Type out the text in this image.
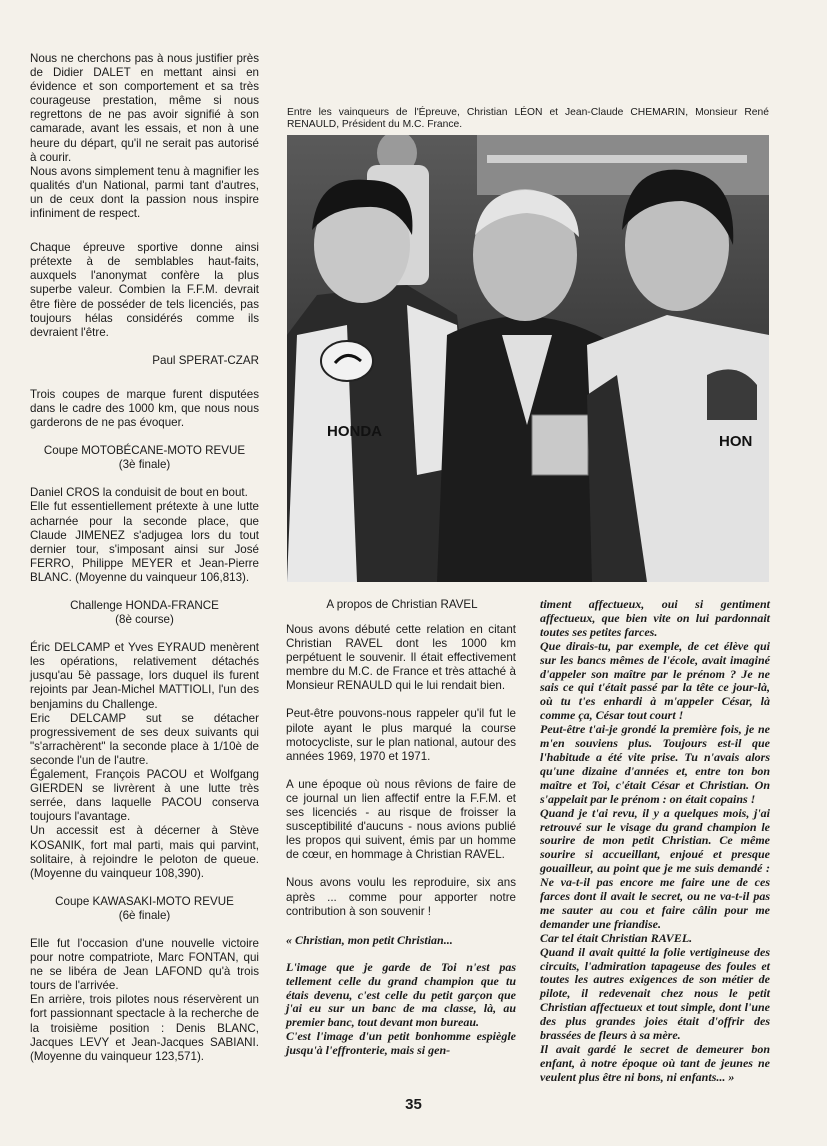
Nous ne cherchons pas à nous justifier près de Didier DALET en mettant ainsi en évidence et son comportement et sa très courageuse prestation, même si nous regrettons de ne pas avoir signifié à son camarade, avant les essais, et non à une heure du départ, qu'il ne serait pas autorisé à courir.

Nous avons simplement tenu à magnifier les qualités d'un National, parmi tant d'autres, un de ceux dont la passion nous inspire infiniment de respect.

Chaque épreuve sportive donne ainsi prétexte à de semblables haut-faits, auxquels l'anonymat confère la plus superbe valeur. Combien la F.F.M. devrait être fière de posséder de tels licenciés, pas toujours hélas considérés comme ils devraient l'être.

Paul SPERAT-CZAR

Trois coupes de marque furent disputées dans le cadre des 1000 km, que nous nous garderons de ne pas évoquer.

Coupe MOTOBÉCANE-MOTO REVUE

(3è finale)

Daniel CROS la conduisit de bout en bout.

Elle fut essentiellement prétexte à une lutte acharnée pour la seconde place, que Claude JIMENEZ s'adjugea lors du tout dernier tour, s'imposant ainsi sur José FERRO, Philippe MEYER et Jean-Pierre BLANC. (Moyenne du vainqueur 106,813).

Challenge HONDA-FRANCE

(8è course)

Éric DELCAMP et Yves EYRAUD menèrent les opérations, relativement détachés jusqu'au 5è passage, lors duquel ils furent rejoints par Jean-Michel MATTIOLI, l'un des benjamins du Challenge.

Eric DELCAMP sut se détacher progressivement de ses deux suivants qui "s'arrachèrent" la seconde place à 1/10è de seconde l'un de l'autre.

Également, François PACOU et Wolfgang GIERDEN se livrèrent à une lutte très serrée, dans laquelle PACOU conserva toujours l'avantage.

Un accessit est à décerner à Stève KOSANIK, fort mal parti, mais qui parvint, solitaire, à rejoindre le peloton de queue. (Moyenne du vainqueur 108,390).

Coupe KAWASAKI-MOTO REVUE

(6è finale)

Elle fut l'occasion d'une nouvelle victoire pour notre compatriote, Marc FONTAN, qui ne se libéra de Jean LAFOND qu'à trois tours de l'arrivée.

En arrière, trois pilotes nous réservèrent un fort passionnant spectacle à la recherche de la troisième position : Denis BLANC, Jacques LEVY et Jean-Jacques SABIANI. (Moyenne du vainqueur 123,571).

Entre les vainqueurs de l'Épreuve, Christian LÉON et Jean-Claude CHEMARIN, Monsieur René RENAULD, Président du M.C. France.
HONDA
HON

A propos de Christian RAVEL

Nous avons débuté cette relation en citant Christian RAVEL dont les 1000 km perpétuent le souvenir. Il était effectivement membre du M.C. de France et très attaché à Monsieur RENAULD qui le lui rendait bien.

Peut-être pouvons-nous rappeler qu'il fut le pilote ayant le plus marqué la course motocycliste, sur le plan national, autour des années 1969, 1970 et 1971.

A une époque où nous rêvions de faire de ce journal un lien affectif entre la F.F.M. et ses licenciés - au risque de froisser la susceptibilité d'aucuns - nous avions publié les propos qui suivent, émis par un homme de cœur, en hommage à Christian RAVEL.

Nous avons voulu les reproduire, six ans après ... comme pour apporter notre contribution à son souvenir !

« Christian, mon petit Christian...

L'image que je garde de Toi n'est pas tellement celle du grand champion que tu étais devenu, c'est celle du petit garçon que j'ai eu sur un banc de ma classe, là, au premier banc, tout devant mon bureau.

C'est l'image d'un petit bonhomme espiègle jusqu'à l'effronterie, mais si gen-

timent affectueux, oui si gentiment affectueux, que bien vite on lui pardonnait toutes ses petites farces.

Que dirais-tu, par exemple, de cet élève qui sur les bancs mêmes de l'école, avait imaginé d'appeler son maître par le prénom ? Je ne sais ce qui t'était passé par la tête ce jour-là, où tu t'es enhardi à m'appeler César, là comme ça, César tout court !

Peut-être t'ai-je grondé la première fois, je ne m'en souviens plus. Toujours est-il que l'habitude a été vite prise. Tu n'avais alors qu'une dizaine d'années et, entre ton bon maître et Toi, c'était César et Christian. On s'appelait par le prénom : on était copains !

Quand je t'ai revu, il y a quelques mois, j'ai retrouvé sur le visage du grand champion le sourire de mon petit Christian. Ce même sourire si accueillant, enjoué et presque gouailleur, au point que je me suis demandé : Ne va-t-il pas encore me faire une de ces farces dont il avait le secret, ou ne va-t-il pas me sauter au cou et faire câlin pour me demander une friandise.

Car tel était Christian RAVEL.

Quand il avait quitté la folie vertigineuse des circuits, l'admiration tapageuse des foules et toutes les autres exigences de son métier de pilote, il redevenait chez nous le petit Christian affectueux et tout simple, dont l'une des plus grandes joies était d'offrir des brassées de fleurs à sa mère.

Il avait gardé le secret de demeurer bon enfant, à notre époque où tant de jeunes ne veulent plus être ni bons, ni enfants... »

35
